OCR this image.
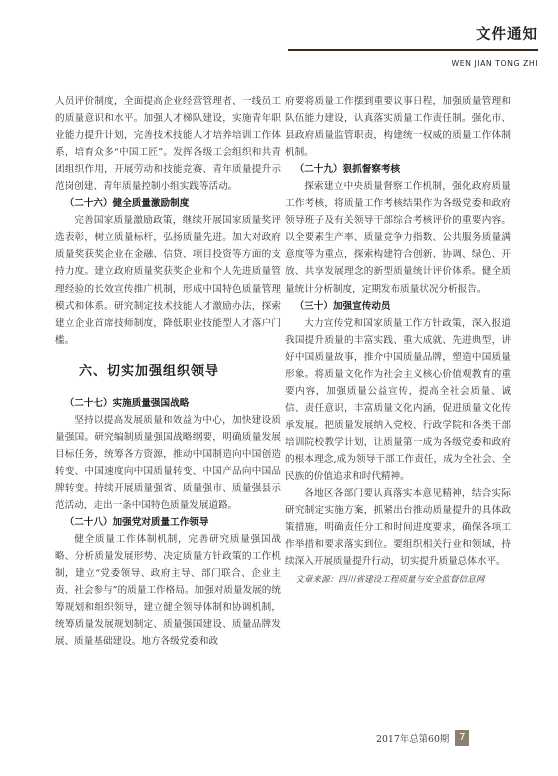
文件通知
WEN JIAN TONG ZHI

人员评价制度，全面提高企业经营管理者、一线员工的质量意识和水平。加强人才梯队建设，实施青年职业能力提升计划，完善技术技能人才培养培训工作体系，培育众多“中国工匠”。发挥各级工会组织和共青团组织作用，开展劳动和技能竞赛、青年质量提升示范岗创建、青年质量控制小组实践等活动。

（二十六）健全质量激励制度

完善国家质量激励政策，继续开展国家质量奖评选表彰，树立质量标杆，弘扬质量先进。加大对政府质量奖获奖企业在金融、信贷、项目投资等方面的支持力度。建立政府质量奖获奖企业和个人先进质量管理经验的长效宣传推广机制，形成中国特色质量管理模式和体系。研究制定技术技能人才激励办法，探索建立企业首席技师制度，降低职业技能型人才落户门槛。

六、切实加强组织领导

（二十七）实施质量强国战略

坚持以提高发展质量和效益为中心，加快建设质量强国。研究编制质量强国战略纲要，明确质量发展目标任务，统筹各方资源，推动中国制造向中国创造转变、中国速度向中国质量转变、中国产品向中国品牌转变。持续开展质量强省、质量强市、质量强县示范活动，走出一条中国特色质量发展道路。

（二十八）加强党对质量工作领导

健全质量工作体制机制，完善研究质量强国战略、分析质量发展形势、决定质量方针政策的工作机制，建立“党委领导、政府主导、部门联合、企业主责、社会参与”的质量工作格局。加强对质量发展的统筹规划和组织领导，建立健全领导体制和协调机制，统筹质量发展规划制定、质量强国建设、质量品牌发展、质量基础建设。地方各级党委和政

府要将质量工作摆到重要议事日程，加强质量管理和队伍能力建设，认真落实质量工作责任制。强化市、县政府质量监管职责，构建统一权威的质量工作体制机制。

（二十九）狠抓督察考核

探索建立中央质量督察工作机制，强化政府质量工作考核，将质量工作考核结果作为各级党委和政府领导班子及有关领导干部综合考核评价的重要内容。以全要素生产率、质量竞争力指数、公共服务质量满意度等为重点，探索构建符合创新、协调、绿色、开放、共享发展理念的新型质量统计评价体系。健全质量统计分析制度，定期发布质量状况分析报告。

（三十）加强宣传动员

大力宣传党和国家质量工作方针政策，深入报道我国提升质量的丰富实践、重大成就、先进典型，讲好中国质量故事，推介中国质量品牌，塑造中国质量形象。将质量文化作为社会主义核心价值观教育的重要内容，加强质量公益宣传，提高全社会质量、诚信、责任意识，丰富质量文化内涵，促进质量文化传承发展。把质量发展纳入党校、行政学院和各类干部培训院校教学计划，让质量第一成为各级党委和政府的根本理念,成为领导干部工作责任，成为全社会、全民族的价值追求和时代精神。

各地区各部门要认真落实本意见精神，结合实际研究制定实施方案，抓紧出台推动质量提升的具体政策措施，明确责任分工和时间进度要求，确保各项工作举措和要求落实到位。要组织相关行业和领域，持续深入开展质量提升行动，切实提升质量总体水平。

文章来源：四川省建设工程质量与安全监督信息网

2017年总第60期 7
